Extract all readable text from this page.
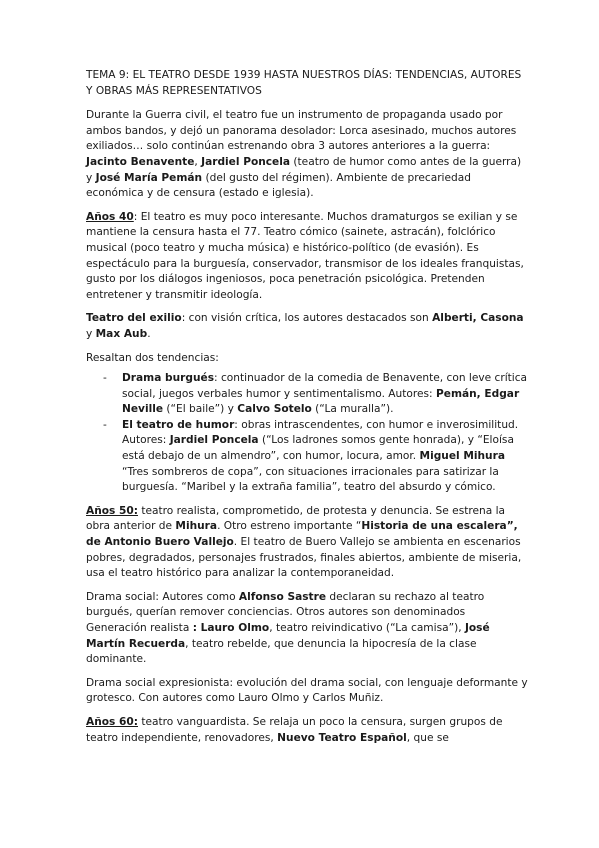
TEMA 9: EL TEATRO DESDE 1939 HASTA NUESTROS DÍAS: TENDENCIAS, AUTORES Y OBRAS MÁS REPRESENTATIVOS

Durante la Guerra civil, el teatro fue un instrumento de propaganda usado por ambos bandos, y dejó un panorama desolador: Lorca asesinado, muchos autores exiliados… solo continúan estrenando obra 3 autores anteriores a la guerra: Jacinto Benavente, Jardiel Poncela (teatro de humor como antes de la guerra) y José María Pemán (del gusto del régimen). Ambiente de precariedad económica y de censura (estado e iglesia).

Años 40: El teatro es muy poco interesante. Muchos dramaturgos se exilian y se mantiene la censura hasta el 77. Teatro cómico (sainete, astracán), folclórico musical (poco teatro y mucha música) e histórico-político (de evasión). Es espectáculo para la burguesía, conservador, transmisor de los ideales franquistas, gusto por los diálogos ingeniosos, poca penetración psicológica. Pretenden entretener y transmitir ideología.

Teatro del exilio: con visión crítica, los autores destacados son Alberti, Casona y Max Aub.

Resaltan dos tendencias:

- Drama burgués: continuador de la comedia de Benavente, con leve crítica social, juegos verbales humor y sentimentalismo. Autores: Pemán, Edgar Neville (“El baile”) y Calvo Sotelo (“La muralla”).
- El teatro de humor: obras intrascendentes, con humor e inverosimilitud. Autores: Jardiel Poncela (“Los ladrones somos gente honrada), y “Eloísa está debajo de un almendro”, con humor, locura, amor. Miguel Mihura “Tres sombreros de copa”, con situaciones irracionales para satirizar la burguesía. “Maribel y la extraña familia”, teatro del absurdo y cómico.

Años 50: teatro realista, comprometido, de protesta y denuncia. Se estrena la obra anterior de Mihura. Otro estreno importante “Historia de una escalera”, de Antonio Buero Vallejo. El teatro de Buero Vallejo se ambienta en escenarios pobres, degradados, personajes frustrados, finales abiertos, ambiente de miseria, usa el teatro histórico para analizar la contemporaneidad.

Drama social: Autores como Alfonso Sastre declaran su rechazo al teatro burgués, querían remover conciencias. Otros autores son denominados Generación realista : Lauro Olmo, teatro reivindicativo (“La camisa”), José Martín Recuerda, teatro rebelde, que denuncia la hipocresía de la clase dominante.

Drama social expresionista: evolución del drama social, con lenguaje deformante y grotesco. Con autores como Lauro Olmo y Carlos Muñiz.

Años 60: teatro vanguardista. Se relaja un poco la censura, surgen grupos de teatro independiente, renovadores, Nuevo Teatro Español, que se
